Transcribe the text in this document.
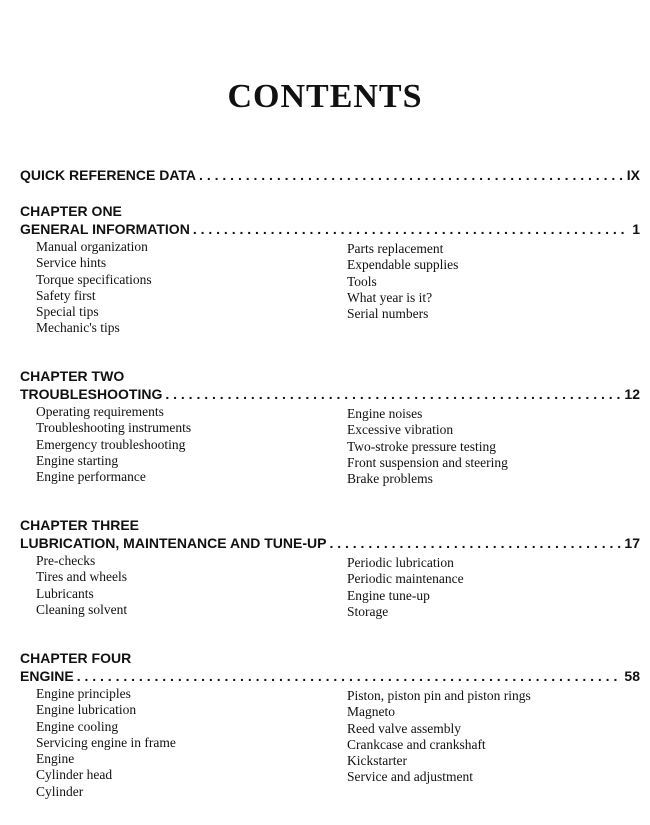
CONTENTS
QUICK REFERENCE DATA . . .	IX
CHAPTER ONE
GENERAL INFORMATION . . .	1
Manual organization
Service hints
Torque specifications
Safety first
Special tips
Mechanic's tips
Parts replacement
Expendable supplies
Tools
What year is it?
Serial numbers
CHAPTER TWO
TROUBLESHOOTING . . .	12
Operating requirements
Troubleshooting instruments
Emergency troubleshooting
Engine starting
Engine performance
Engine noises
Excessive vibration
Two-stroke pressure testing
Front suspension and steering
Brake problems
CHAPTER THREE
LUBRICATION, MAINTENANCE AND TUNE-UP . . .	17
Pre-checks
Tires and wheels
Lubricants
Cleaning solvent
Periodic lubrication
Periodic maintenance
Engine tune-up
Storage
CHAPTER FOUR
ENGINE . . .	58
Engine principles
Engine lubrication
Engine cooling
Servicing engine in frame
Engine
Cylinder head
Cylinder
Piston, piston pin and piston rings
Magneto
Reed valve assembly
Crankcase and crankshaft
Kickstarter
Service and adjustment
